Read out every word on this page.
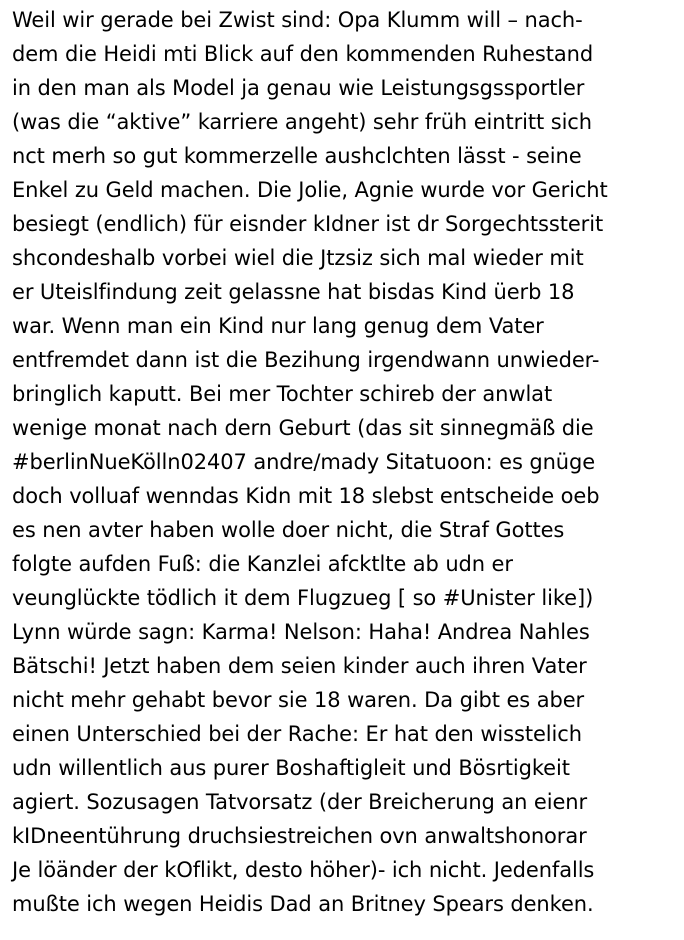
Weil wir gerade bei Zwist sind: Opa Klumm will – nach-
dem die Heidi mti Blick auf den kommenden Ruhestand
in den man als Model ja genau wie Leistungsgssportler
(was die “aktive” karriere angeht) sehr früh eintritt sich
nct merh so gut kommerzelle aushclchten lässt - seine
Enkel zu Geld machen. Die Jolie, Agnie wurde vor Gericht
besiegt (endlich) für eisnder kIdner ist dr Sorgechtssterit
shcondeshalb vorbei wiel die Jtzsiz sich mal wieder mit
er Uteislfindung zeit gelassne hat bisdas Kind üerb 18
war. Wenn man ein Kind nur lang genug dem Vater
entfremdet dann ist die Bezihung irgendwann unwieder-
bringlich kaputt. Bei mer Tochter schireb der anwlat
wenige monat nach dern Geburt (das sit sinnegmäß die
#berlinNueKölln02407 andre/mady Sitatuoon: es gnüge
doch volluaf wenndas Kidn mit 18 slebst entscheide oeb
es nen avter haben wolle doer nicht, die Straf Gottes
folgte aufden Fuß: die Kanzlei afcktlte ab udn er
veunglückte tödlich it dem Flugzueg [ so #Unister like])
Lynn würde sagn: Karma! Nelson: Haha! Andrea Nahles
Bätschi! Jetzt haben dem seien kinder auch ihren Vater
nicht mehr gehabt bevor sie 18 waren. Da gibt es aber
einen Unterschied bei der Rache: Er hat den wisstelich
udn willentlich aus purer Boshaftigleit und Bösrtigkeit
agiert. Sozusagen Tatvorsatz (der Breicherung an eienr
kIDneentührung druchsiestreichen ovn anwaltshonorar
Je löänder der kOflikt, desto höher)- ich nicht. Jedenfalls
mußte ich wegen Heidis Dad an Britney Spears denken.
